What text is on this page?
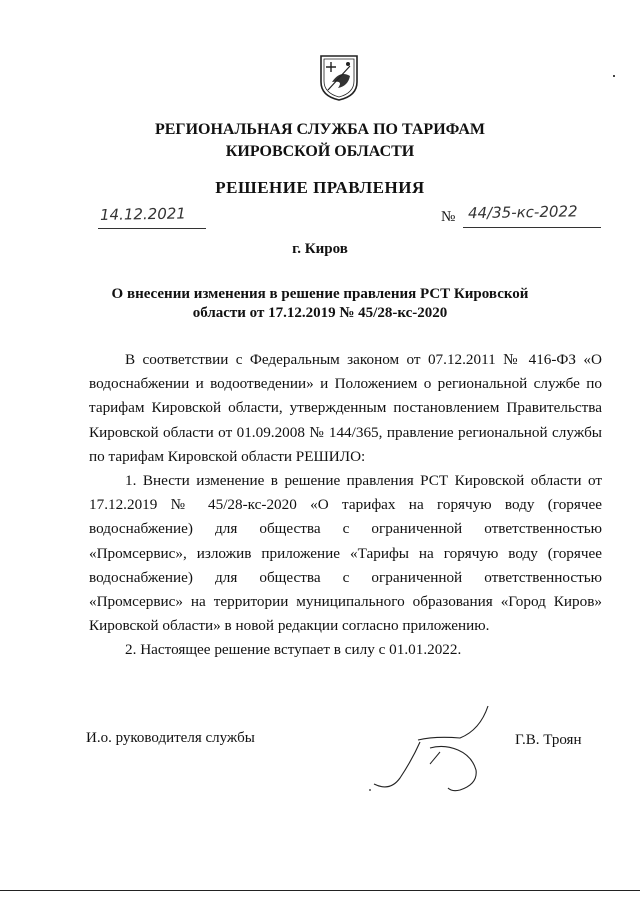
РЕГИОНАЛЬНАЯ СЛУЖБА ПО ТАРИФАМ
КИРОВСКОЙ ОБЛАСТИ
РЕШЕНИЕ ПРАВЛЕНИЯ
14.12.2021	№ 44/35-кс-2022
г. Киров
О внесении изменения в решение правления РСТ Кировской
области от 17.12.2019 № 45/28-кс-2020

В соответствии с Федеральным законом от 07.12.2011 № 416-ФЗ «О водоснабжении и водоотведении» и Положением о региональной службе по тарифам Кировской области, утвержденным постановлением Правительства Кировской области от 01.09.2008 № 144/365, правление региональной службы по тарифам Кировской области РЕШИЛО:

1. Внести изменение в решение правления РСТ Кировской области от 17.12.2019 № 45/28-кс-2020 «О тарифах на горячую воду (горячее водоснабжение) для общества с ограниченной ответственностью «Промсервис», изложив приложение «Тарифы на горячую воду (горячее водоснабжение) для общества с ограниченной ответственностью «Промсервис» на территории муниципального образования «Город Киров» Кировской области» в новой редакции согласно приложению.

2. Настоящее решение вступает в силу с 01.01.2022.

И.о. руководителя службы	Г.В. Троян
